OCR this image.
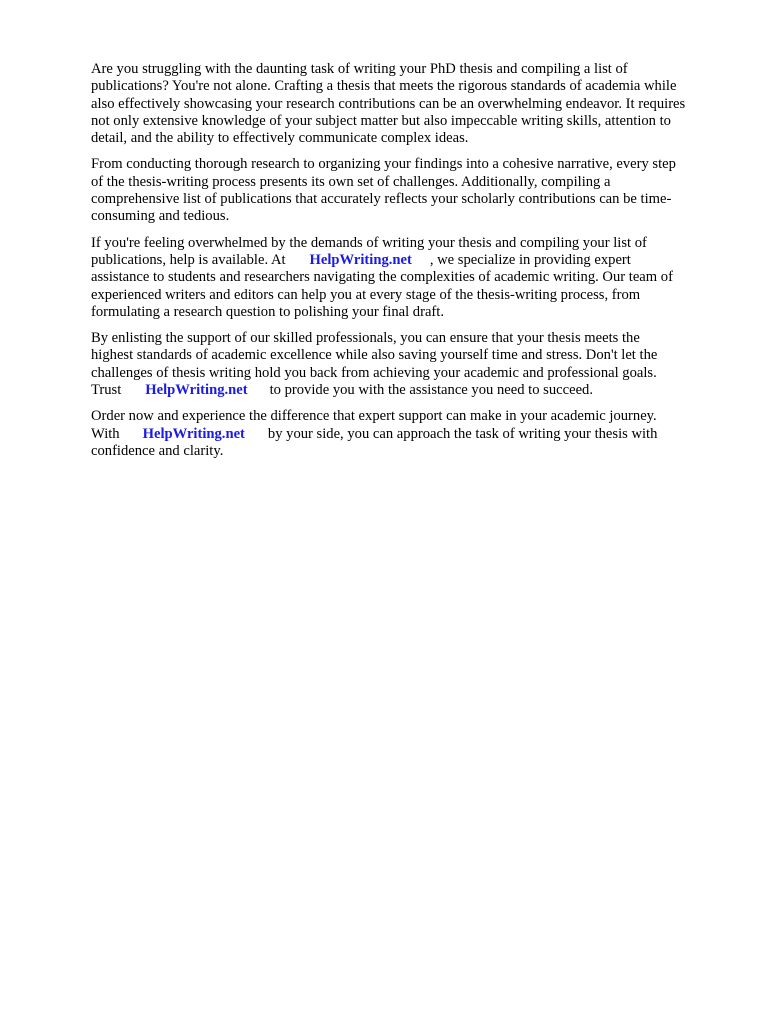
Are you struggling with the daunting task of writing your PhD thesis and compiling a list of
publications? You're not alone. Crafting a thesis that meets the rigorous standards of academia while
also effectively showcasing your research contributions can be an overwhelming endeavor. It requires
not only extensive knowledge of your subject matter but also impeccable writing skills, attention to
detail, and the ability to effectively communicate complex ideas.

From conducting thorough research to organizing your findings into a cohesive narrative, every step
of the thesis-writing process presents its own set of challenges. Additionally, compiling a
comprehensive list of publications that accurately reflects your scholarly contributions can be time-
consuming and tedious.

If you're feeling overwhelmed by the demands of writing your thesis and compiling your list of
publications, help is available. At HelpWriting.net , we specialize in providing expert
assistance to students and researchers navigating the complexities of academic writing. Our team of
experienced writers and editors can help you at every stage of the thesis-writing process, from
formulating a research question to polishing your final draft.

By enlisting the support of our skilled professionals, you can ensure that your thesis meets the
highest standards of academic excellence while also saving yourself time and stress. Don't let the
challenges of thesis writing hold you back from achieving your academic and professional goals.
Trust HelpWriting.net to provide you with the assistance you need to succeed.

Order now and experience the difference that expert support can make in your academic journey.
With HelpWriting.net by your side, you can approach the task of writing your thesis with
confidence and clarity.
